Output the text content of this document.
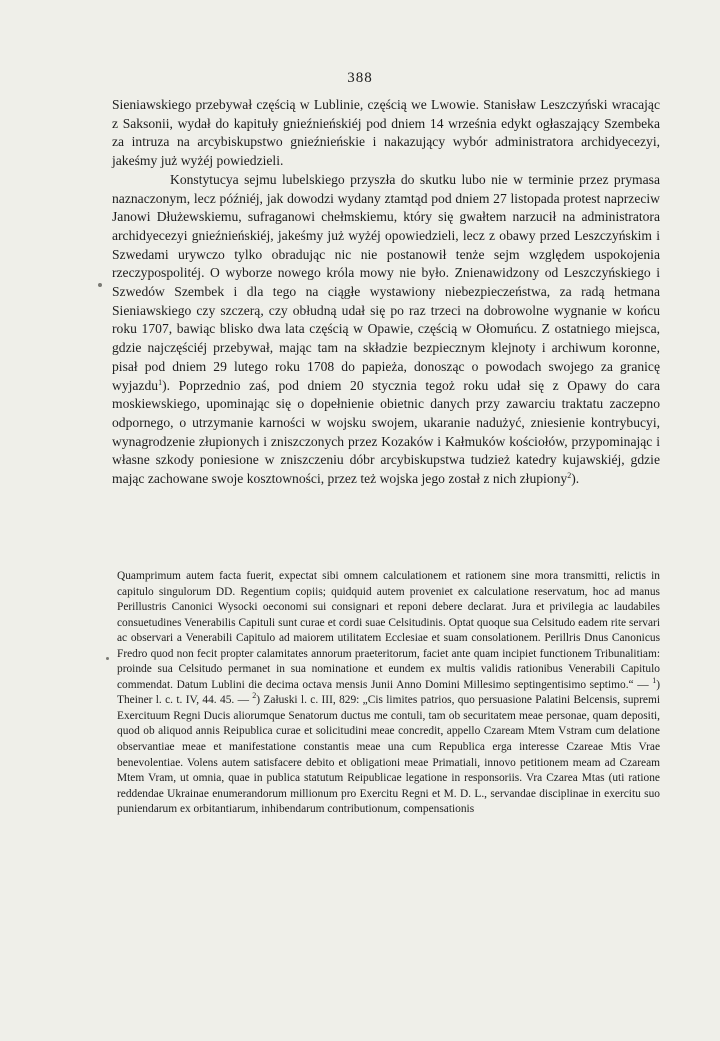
388

Sieniawskiego przebywał częścią w Lublinie, częścią we Lwowie. Stanisław Leszczyński wracając z Saksonii, wydał do kapituły gnieźnieńskiéj pod dniem 14 września edykt ogłaszający Szembeka za intruza na arcybiskupstwo gnieźnieńskie i nakazujący wybór administratora archidyecezyi, jakeśmy już wyżéj powiedzieli.

Konstytucya sejmu lubelskiego przyszła do skutku lubo nie w terminie przez prymasa naznaczonym, lecz późniéj, jak dowodzi wydany ztamtąd pod dniem 27 listopada protest naprzeciw Janowi Dłużewskiemu, sufraganowi chełmskiemu, który się gwałtem narzucił na administratora archidyecezyi gnieźnieńskiéj, jakeśmy już wyżéj opowiedzieli, lecz z obawy przed Leszczyńskim i Szwedami urywczo tylko obradując nic nie postanowił tenże sejm względem uspokojenia rzeczypospolitéj. O wyborze nowego króla mowy nie było. Znienawidzony od Leszczyńskiego i Szwedów Szembek i dla tego na ciągłe wystawiony niebezpieczeństwa, za radą hetmana Sieniawskiego czy szczerą, czy obłudną udał się po raz trzeci na dobrowolne wygnanie w końcu roku 1707, bawiąc blisko dwa lata częścią w Opawie, częścią w Ołomuńcu. Z ostatniego miejsca, gdzie najczęściéj przebywał, mając tam na składzie bezpiecznym klejnoty i archiwum koronne, pisał pod dniem 29 lutego roku 1708 do papieża, donosząc o powodach swojego za granicę wyjazdu$^1$). Poprzednio zaś, pod dniem 20 stycznia tegoż roku udał się z Opawy do cara moskiewskiego, upominając się o dopełnienie obietnic danych przy zawarciu traktatu zaczepno odpornego, o utrzymanie karności w wojsku swojem, ukaranie nadużyć, zniesienie kontrybucyi, wynagrodzenie złupionych i zniszczonych przez Kozaków i Kałmuków kościołów, przypominając i własne szkody poniesione w zniszczeniu dóbr arcybiskupstwa tudzież katedry kujawskiéj, gdzie mając zachowane swoje kosztowności, przez też wojska jego został z nich złupiony$^2$).

Quamprimum autem facta fuerit, expectat sibi omnem calculationem et rationem sine mora transmitti, relictis in capitulo singulorum DD. Regentium copiis; quidquid autem proveniet ex calculatione reservatum, hoc ad manus Perillustris Canonici Wysocki oeconomi sui consignari et reponi debere declarat. Jura et privilegia ac laudabiles consuetudines Venerabilis Capituli sunt curae et cordi suae Celsitudinis. Optat quoque sua Celsitudo eadem rite servari ac observari a Venerabili Capitulo ad maiorem utilitatem Ecclesiae et suam consolationem. Perillris Dnus Canonicus Fredro quod non fecit propter calamitates annorum praeteritorum, faciet ante quam incipiet functionem Tribunalitiam: proinde sua Celsitudo permanet in sua nominatione et eundem ex multis validis rationibus Venerabili Capitulo commendat. Datum Lublini die decima octava mensis Junii Anno Domini Millesimo septingentisimo septimo.“ — $^1$) Theiner l. c. t. IV, 44. 45. — $^2$) Załuski l. c. III, 829: „Cis limites patrios, quo persuasione Palatini Belcensis, supremi Exercituum Regni Ducis aliorumque Senatorum ductus me contuli, tam ob securitatem meae personae, quam depositi, quod ob aliquod annis Reipublica curae et solicitudini meae concredit, appello Czaream Mtem Vstram cum delatione observantiae meae et manifestatione constantis meae una cum Republica erga interesse Czareae Mtis Vrae benevolentiae. Volens autem satisfacere debito et obligationi meae Primatiali, innovo petitionem meam ad Czaream Mtem Vram, ut omnia, quae in publica statutum Reipublicae legatione in responsoriis. Vra Czarea Mtas (uti ratione reddendae Ukrainae enumerandorum millionum pro Exercitu Regni et M. D. L., servandae disciplinae in exercitu suo puniendarum ex orbitantiarum, inhibendarum contributionum, compensationis
